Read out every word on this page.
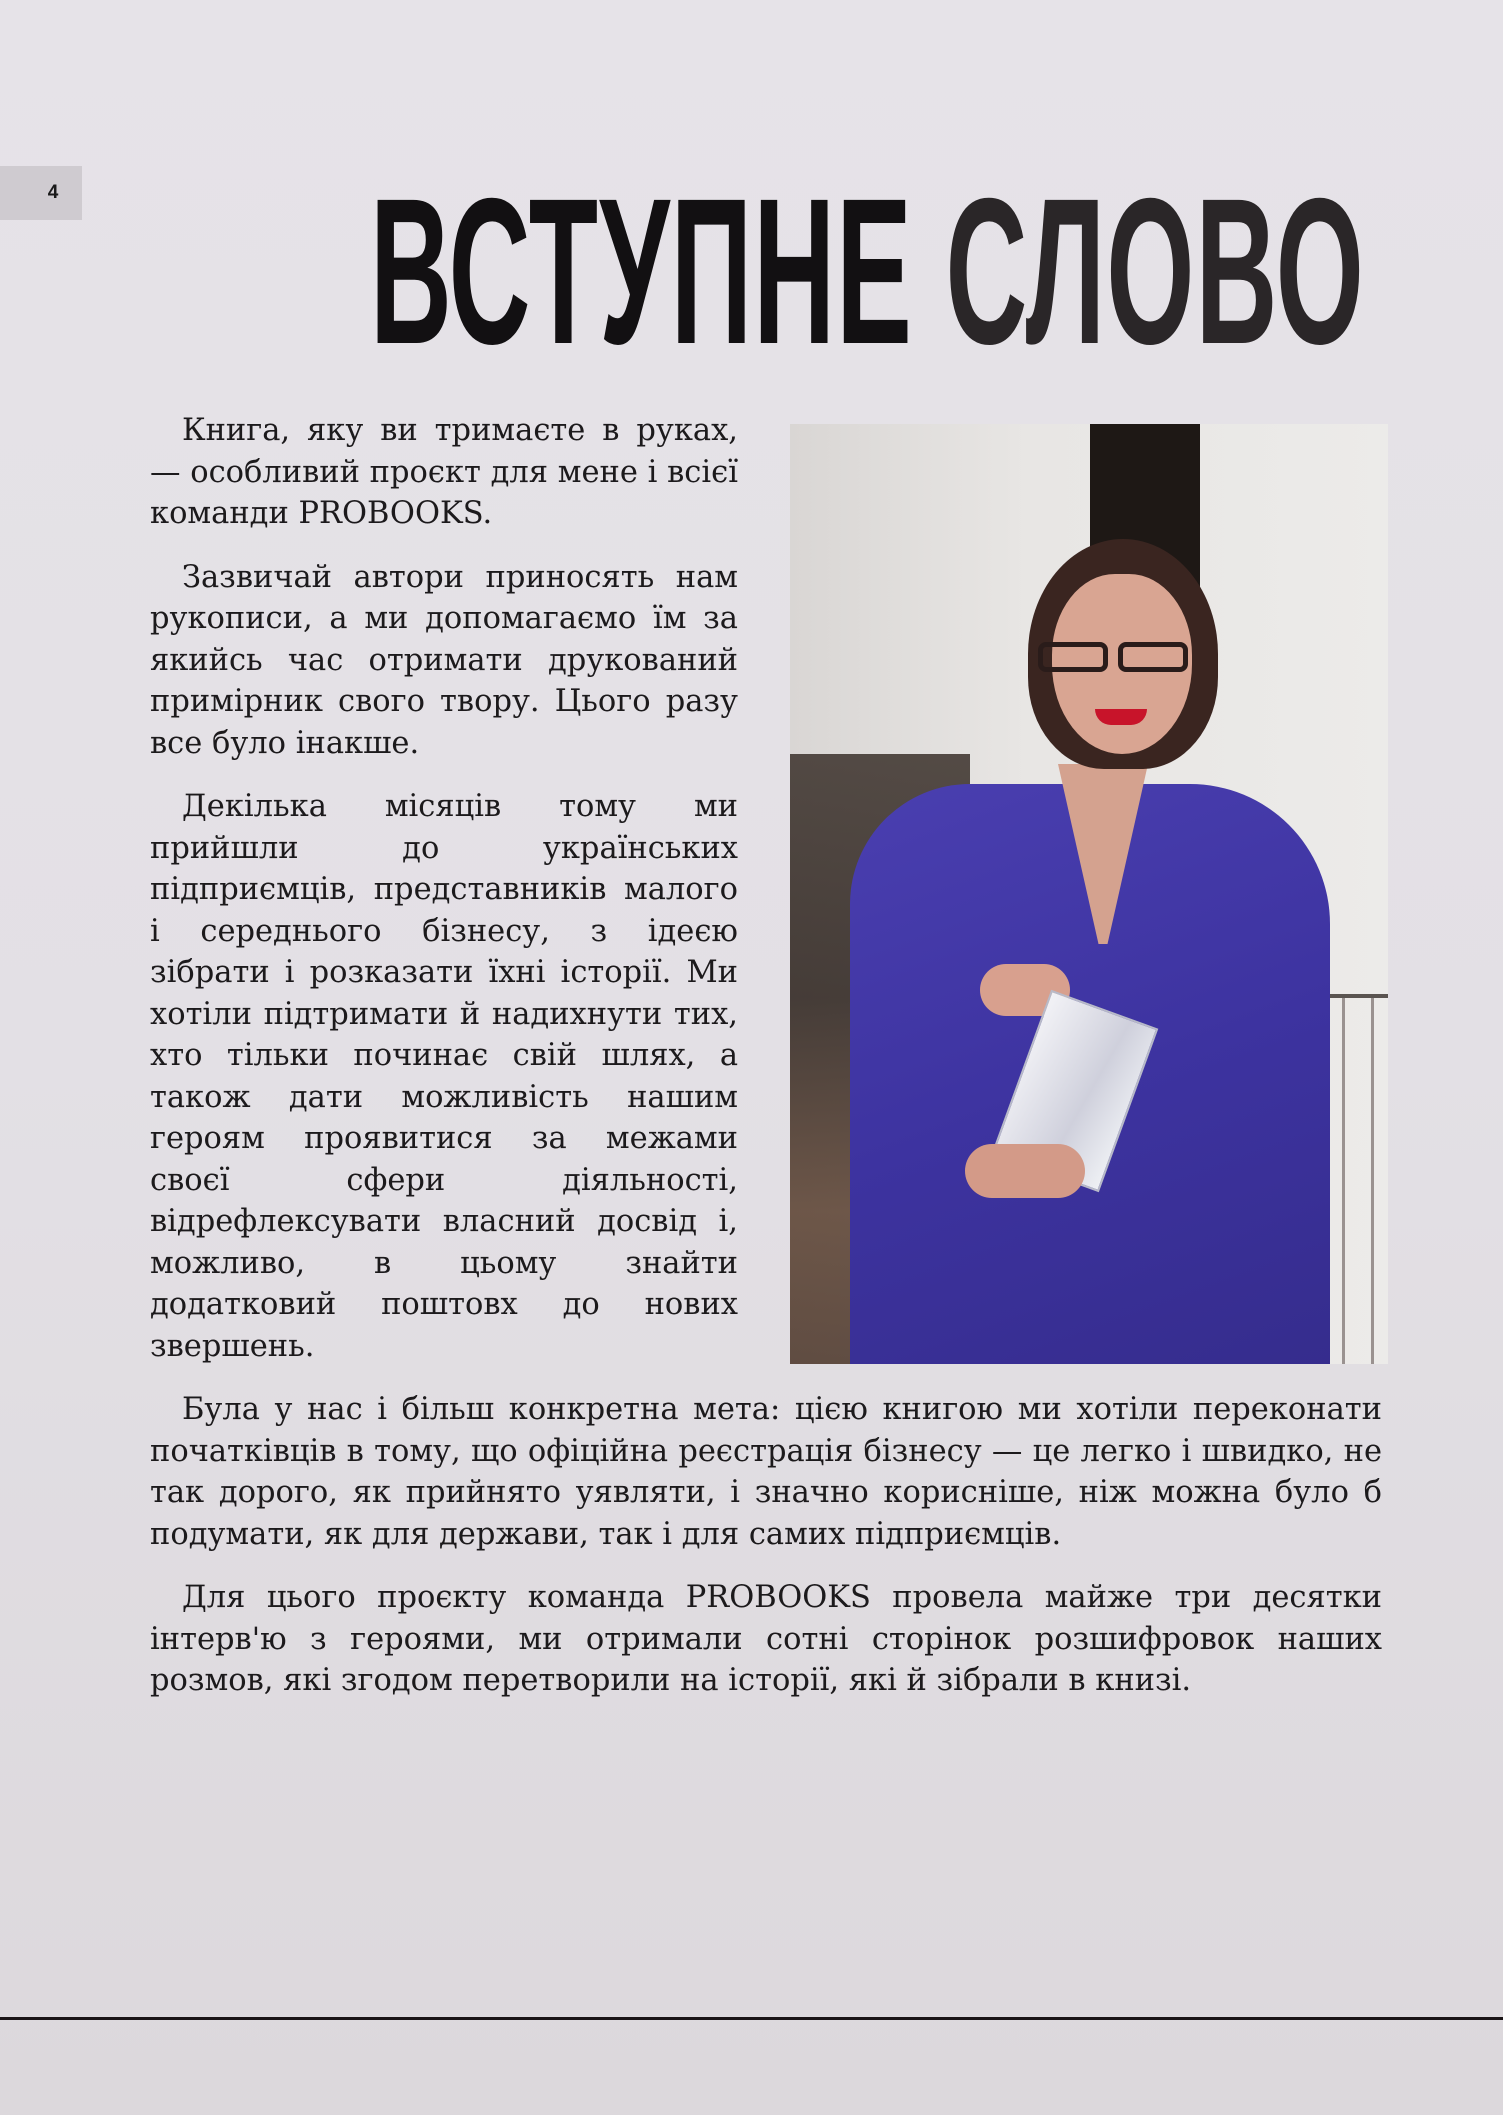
4 ВСТУПНЕ СЛОВО

Книга, яку ви тримаєте в руках, — особливий проєкт для мене і всієї команди PROBOOKS.

Зазвичай автори приносять нам рукописи, а ми допомагаємо їм за якийсь час отримати друкований примірник свого твору. Цього разу все було інакше.

Декілька місяців тому ми прийшли до українських підприємців, представників малого і середнього бізнесу, з ідеєю зібрати і розказати їхні історії. Ми хотіли підтримати й надихнути тих, хто тільки починає свій шлях, а також дати можливість нашим героям проявитися за межами своєї сфери діяльності, відрефлексувати власний досвід і, можливо, в цьому знайти додатковий поштовх до нових звершень.

Була у нас і більш конкретна мета: цією книгою ми хотіли переконати початківців в тому, що офіційна реєстрація бізнесу — це легко і швидко, не так дорого, як прийнято уявляти, і значно корисніше, ніж можна було б подумати, як для держави, так і для самих підприємців.

Для цього проєкту команда PROBOOKS провела майже три десятки інтерв'ю з героями, ми отримали сотні сторінок розшифровок наших розмов, які згодом перетворили на історії, які й зібрали в книзі.
